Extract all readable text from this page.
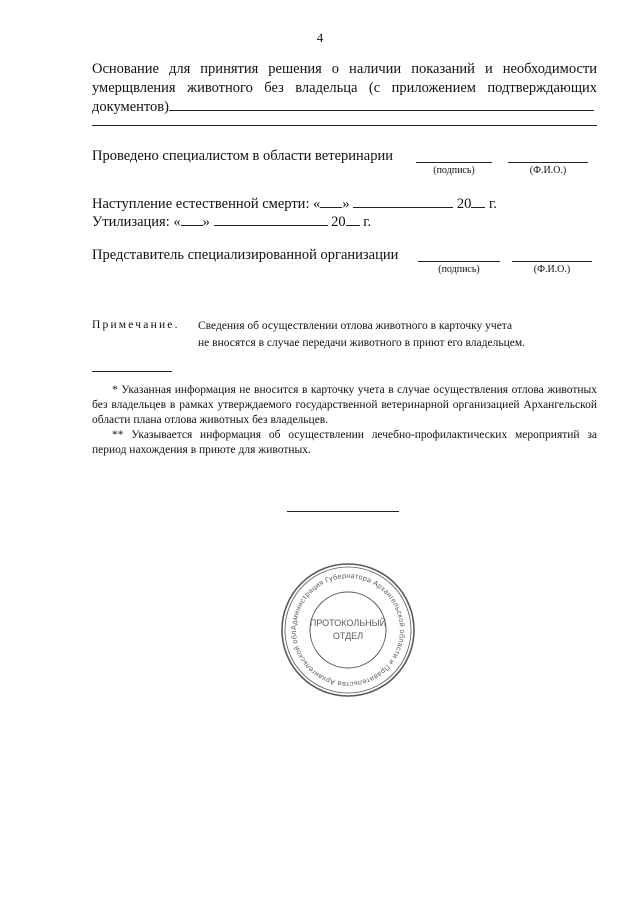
4
Основание для принятия решения о наличии показаний и необходимости умерщвления животного без владельца (с приложением подтверждающих документов)
Проведено специалистом в области ветеринарии
(подпись)	(Ф.И.О.)
Наступление естественной смерти: « »	20 г.
Утилизация: « »	20 г.
Представитель специализированной организации
(подпись)	(Ф.И.О.)
Примечание. Сведения об осуществлении отлова животного в карточку учета
не вносятся в случае передачи животного в приют его владельцем.

* Указанная информация не вносится в карточку учета в случае осуществления отлова животных без владельцев в рамках утверждаемого государственной ветеринарной организацией Архангельской области плана отлова животных без владельцев.

** Указывается информация об осуществлении лечебно-профилактических мероприятий за период нахождения в приюте для животных.

Администрация Губернатора Архангельской области и Правительства Архангельской обл
ПРОТОКОЛЬНЫЙ
ОТДЕЛ
